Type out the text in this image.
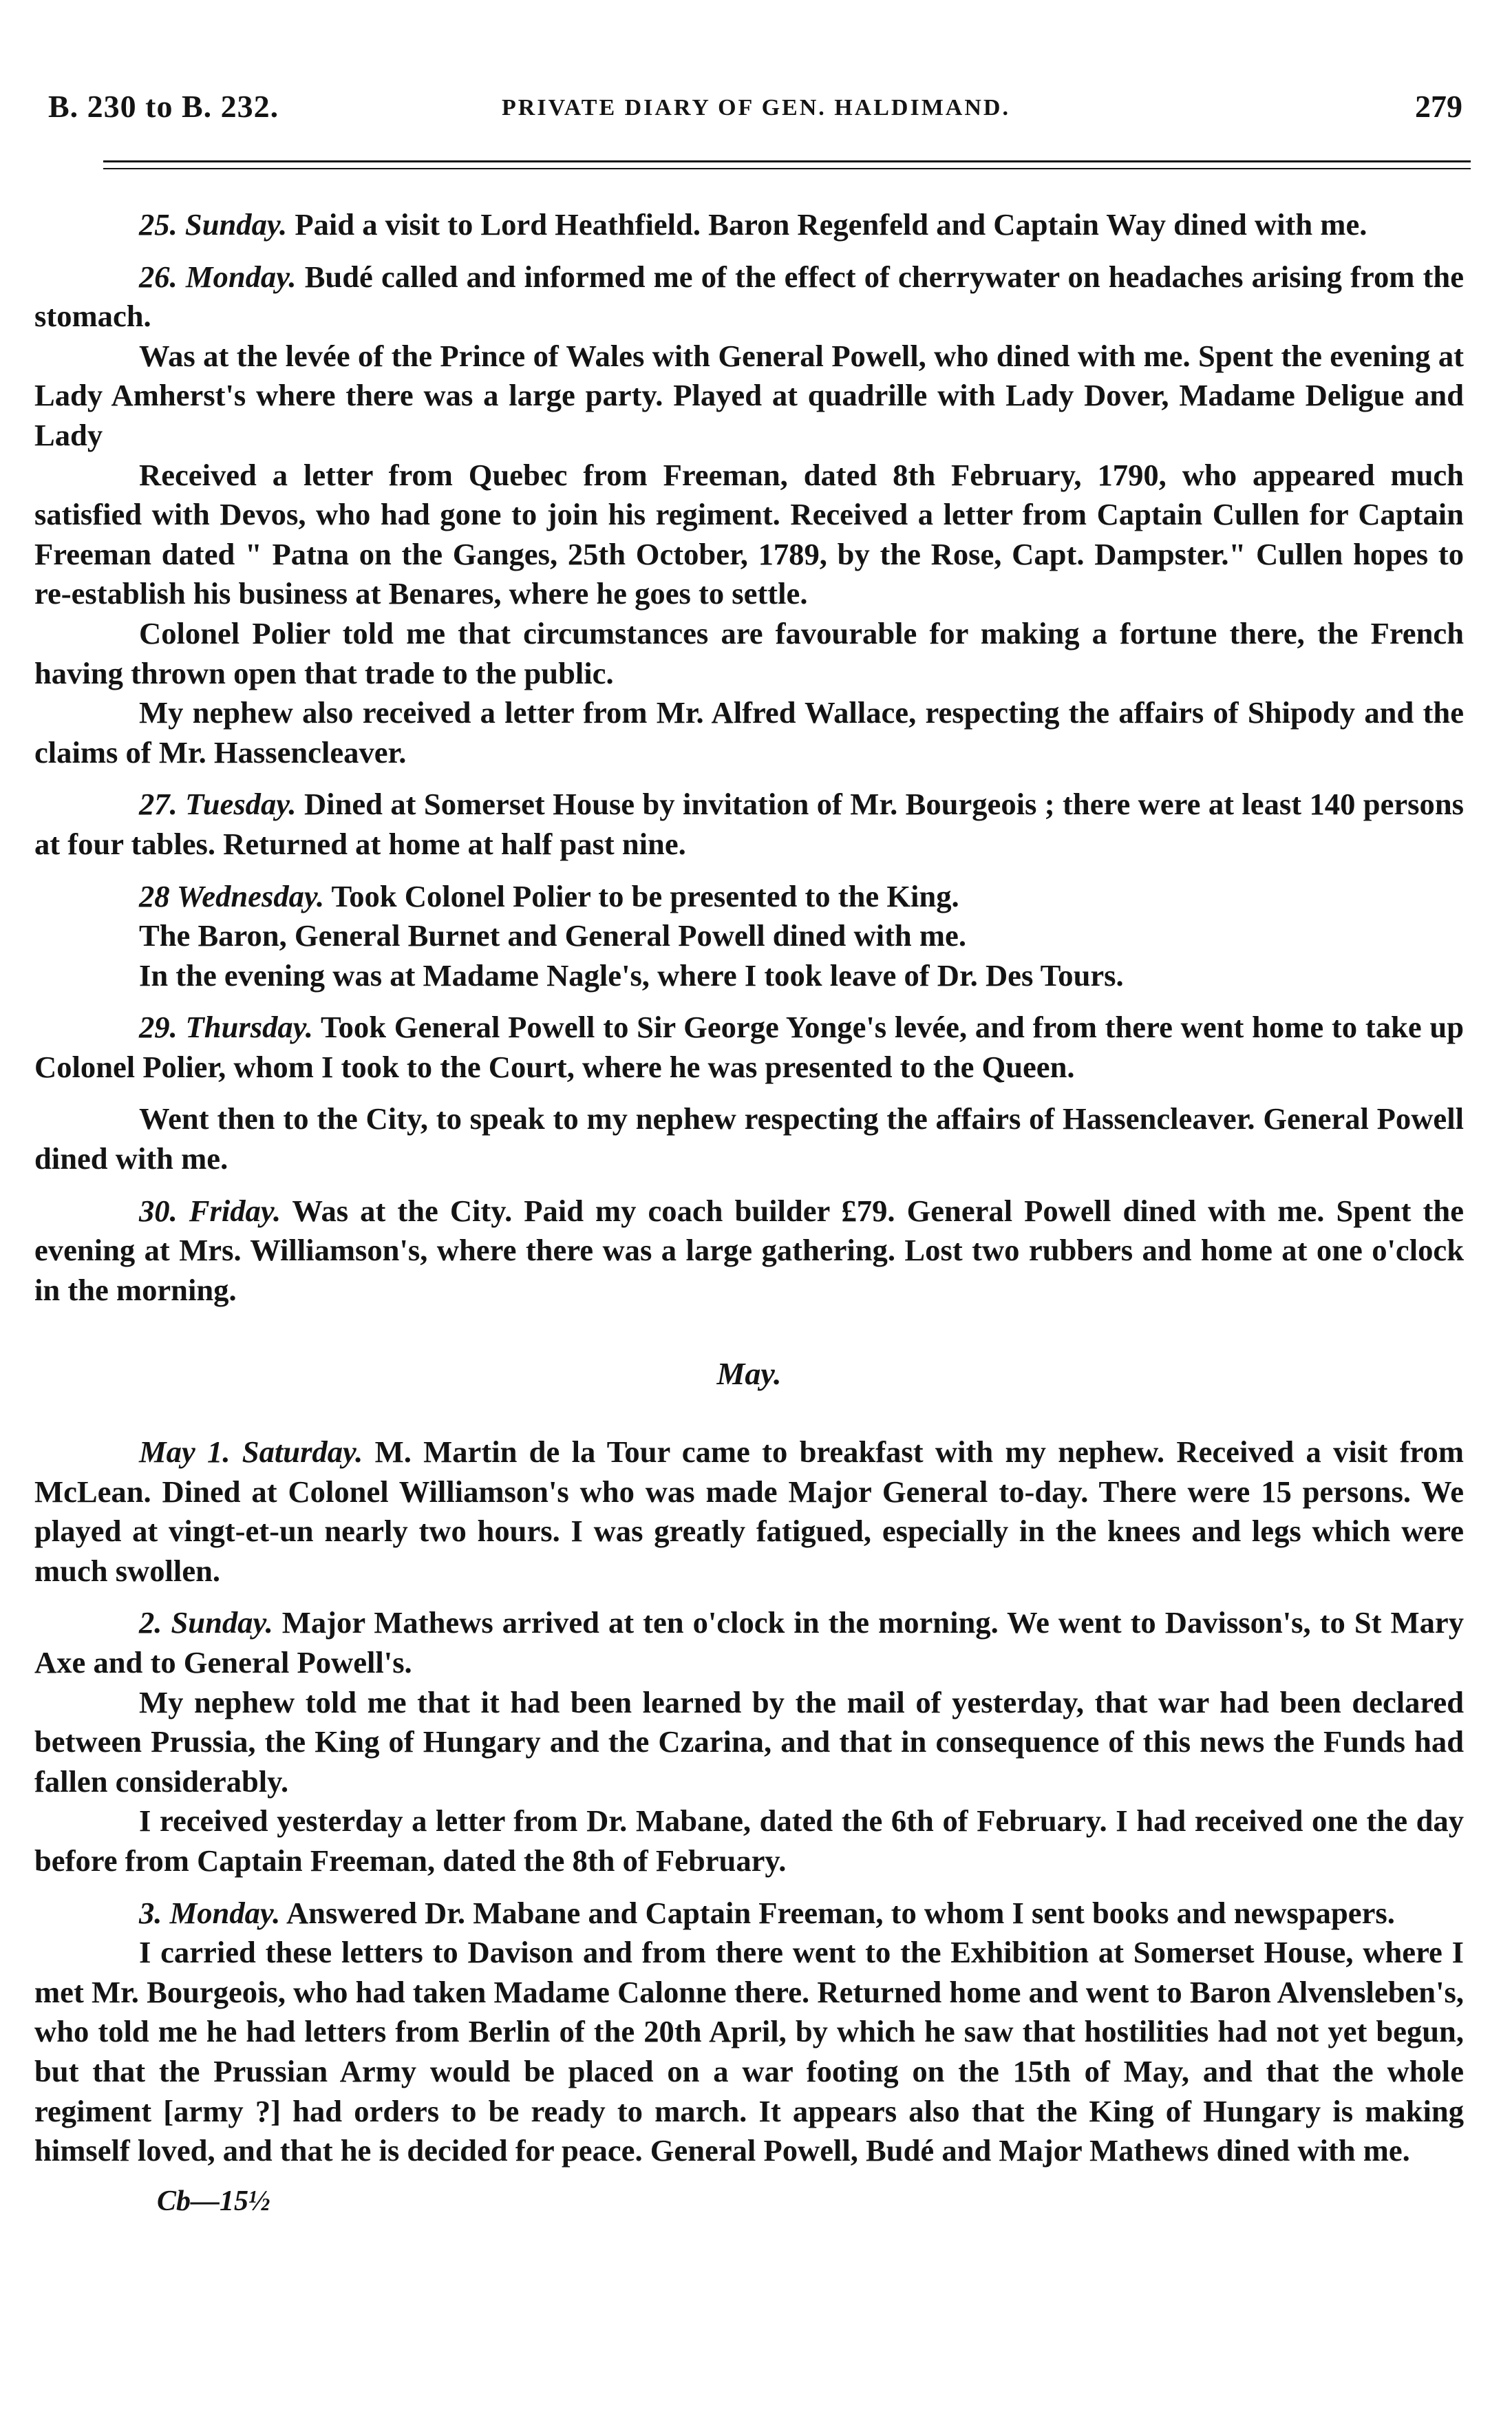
B. 230 to B. 232.	PRIVATE DIARY OF GEN. HALDIMAND.	279

25. Sunday. Paid a visit to Lord Heathfield. Baron Regenfeld and Captain Way dined with me.

26. Monday. Budé called and informed me of the effect of cherrywater on headaches arising from the stomach.

Was at the levée of the Prince of Wales with General Powell, who dined with me. Spent the evening at Lady Amherst's where there was a large party. Played at quadrille with Lady Dover, Madame Deligue and Lady

Received a letter from Quebec from Freeman, dated 8th February, 1790, who appeared much satisfied with Devos, who had gone to join his regiment. Received a letter from Captain Cullen for Captain Freeman dated " Patna on the Ganges, 25th October, 1789, by the Rose, Capt. Dampster." Cullen hopes to re-establish his business at Benares, where he goes to settle.

Colonel Polier told me that circumstances are favourable for making a fortune there, the French having thrown open that trade to the public.

My nephew also received a letter from Mr. Alfred Wallace, respecting the affairs of Shipody and the claims of Mr. Hassencleaver.

27. Tuesday. Dined at Somerset House by invitation of Mr. Bourgeois ; there were at least 140 persons at four tables. Returned at home at half past nine.

28 Wednesday. Took Colonel Polier to be presented to the King.

The Baron, General Burnet and General Powell dined with me.

In the evening was at Madame Nagle's, where I took leave of Dr. Des Tours.

29. Thursday. Took General Powell to Sir George Yonge's levée, and from there went home to take up Colonel Polier, whom I took to the Court, where he was presented to the Queen.

Went then to the City, to speak to my nephew respecting the affairs of Hassencleaver. General Powell dined with me.

30. Friday. Was at the City. Paid my coach builder £79. General Powell dined with me. Spent the evening at Mrs. Williamson's, where there was a large gathering. Lost two rubbers and home at one o'clock in the morning.

May.

May 1. Saturday. M. Martin de la Tour came to breakfast with my nephew. Received a visit from McLean. Dined at Colonel Williamson's who was made Major General to-day. There were 15 persons. We played at vingt-et-un nearly two hours. I was greatly fatigued, especially in the knees and legs which were much swollen.

2. Sunday. Major Mathews arrived at ten o'clock in the morning. We went to Davisson's, to St Mary Axe and to General Powell's.

My nephew told me that it had been learned by the mail of yesterday, that war had been declared between Prussia, the King of Hungary and the Czarina, and that in consequence of this news the Funds had fallen considerably.

I received yesterday a letter from Dr. Mabane, dated the 6th of February. I had received one the day before from Captain Freeman, dated the 8th of February.

3. Monday. Answered Dr. Mabane and Captain Freeman, to whom I sent books and newspapers.

I carried these letters to Davison and from there went to the Exhibition at Somerset House, where I met Mr. Bourgeois, who had taken Madame Calonne there. Returned home and went to Baron Alvensleben's, who told me he had letters from Berlin of the 20th April, by which he saw that hostilities had not yet begun, but that the Prussian Army would be placed on a war footing on the 15th of May, and that the whole regiment [army ?] had orders to be ready to march. It appears also that the King of Hungary is making himself loved, and that he is decided for peace. General Powell, Budé and Major Mathews dined with me.

Cb—15½
